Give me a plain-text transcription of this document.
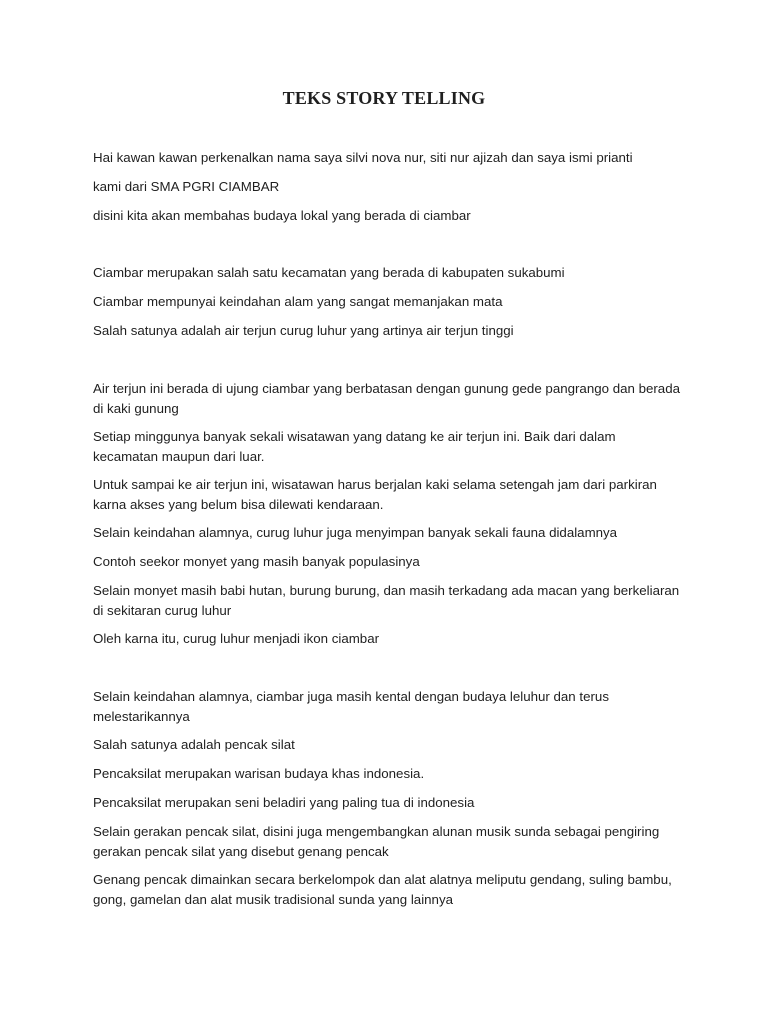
TEKS STORY TELLING

Hai kawan kawan perkenalkan nama saya silvi nova nur, siti nur ajizah dan saya ismi prianti

kami dari SMA PGRI CIAMBAR

disini kita akan membahas budaya lokal yang berada di ciambar

Ciambar merupakan salah satu kecamatan yang berada di kabupaten sukabumi

Ciambar mempunyai keindahan alam yang sangat memanjakan mata

Salah satunya adalah air terjun curug luhur yang artinya air terjun tinggi

Air terjun ini berada di ujung ciambar yang berbatasan dengan gunung gede pangrango dan berada di kaki gunung

Setiap minggunya banyak sekali wisatawan yang datang ke air terjun ini. Baik dari dalam kecamatan maupun dari luar.

Untuk sampai ke air terjun ini, wisatawan harus berjalan kaki selama setengah jam dari parkiran karna akses yang belum bisa dilewati kendaraan.

Selain keindahan alamnya, curug luhur juga menyimpan banyak sekali fauna didalamnya

Contoh seekor monyet yang masih banyak populasinya

Selain monyet masih babi hutan, burung burung, dan masih terkadang ada macan yang berkeliaran di sekitaran curug luhur

Oleh karna itu, curug luhur menjadi ikon ciambar

Selain keindahan alamnya, ciambar juga masih kental dengan budaya leluhur dan terus melestarikannya

Salah satunya adalah pencak silat

Pencaksilat merupakan warisan budaya khas indonesia.

Pencaksilat merupakan seni beladiri yang paling tua di indonesia

Selain gerakan pencak silat, disini juga mengembangkan alunan musik sunda sebagai pengiring gerakan pencak silat yang disebut genang pencak

Genang pencak dimainkan secara berkelompok dan alat alatnya meliputu gendang, suling bambu, gong, gamelan dan alat musik tradisional sunda yang lainnya
